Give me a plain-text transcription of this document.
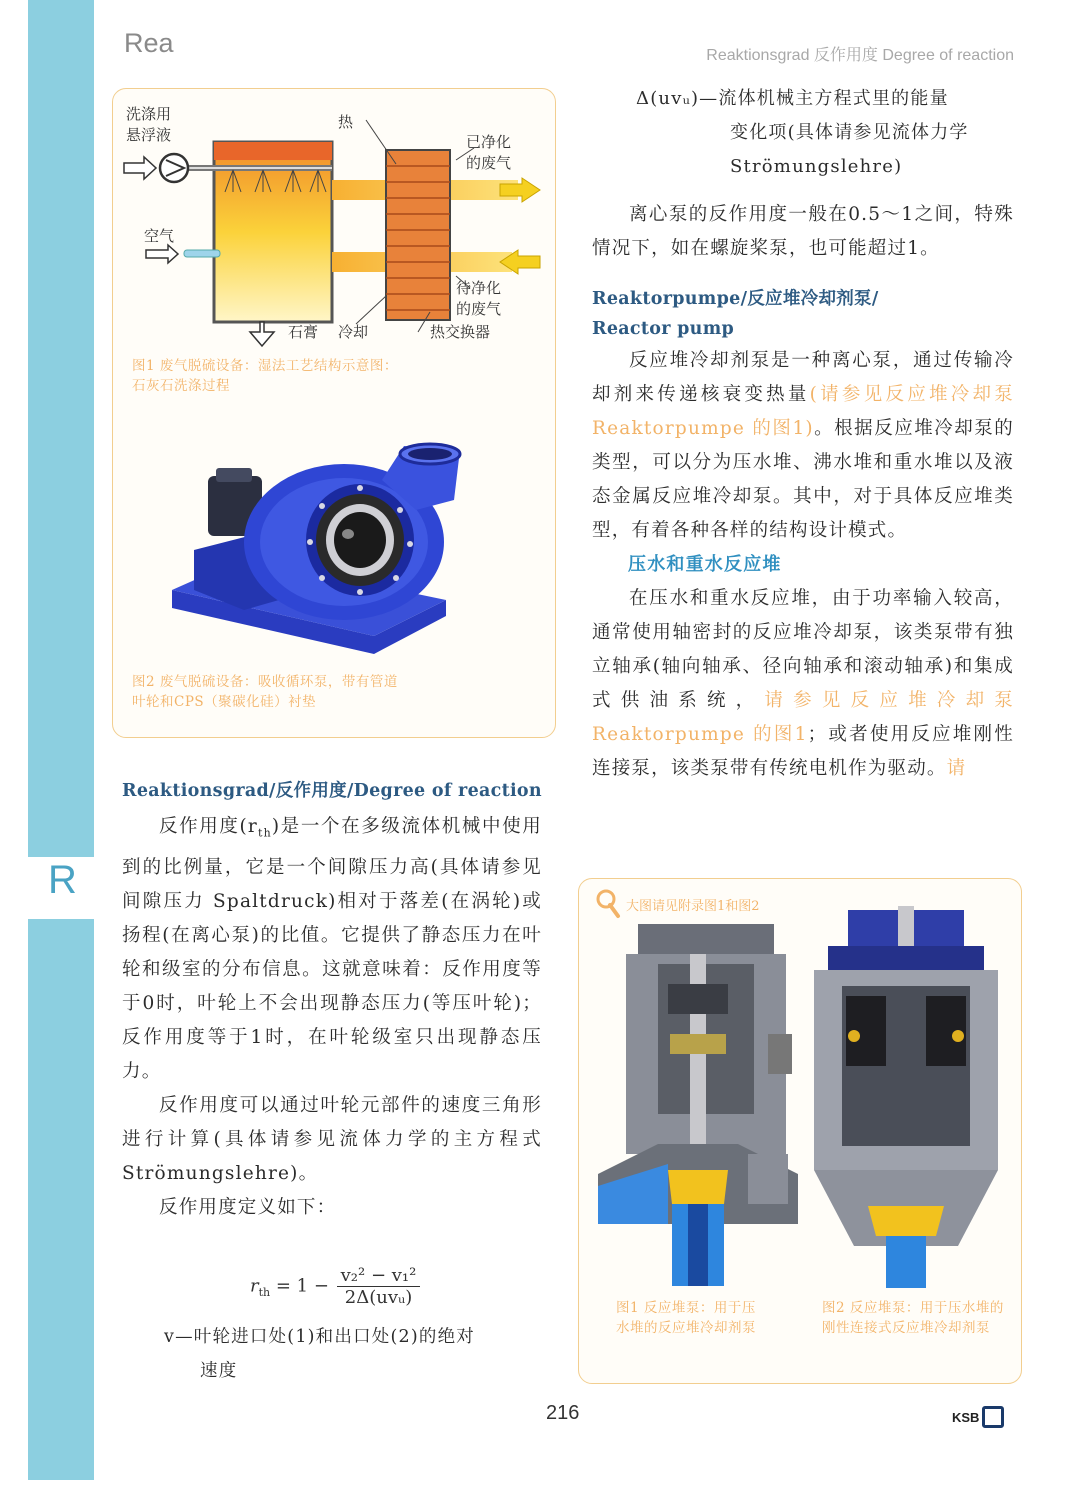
R
Rea	Reaktionsgrad 反作用度 Degree of reaction
洗涤用
悬浮液
热
已净化
的废气
空气
待净化
的废气
石膏 冷却	热交换器
图1 废气脱硫设备：湿法工艺结构示意图：
石灰石洗涤过程
图2 废气脱硫设备：吸收循环泵，带有管道
叶轮和CPS（聚碳化硅）衬垫

Reaktionsgrad/反作用度/Degree of reaction

反作用度$(r_{th})$是一个在多级流体机械中使用到的比例量，它是一个间隙压力高(具体请参见间隙压力 Spaltdruck)相对于落差(在涡轮)或扬程(在离心泵)的比值。它提供了静态压力在叶轮和级室的分布信息。这就意味着：反作用度等于0时，叶轮上不会出现静态压力(等压叶轮)；反作用度等于1时，在叶轮级室只出现静态压力。

反作用度可以通过叶轮元部件的速度三角形进行计算(具体请参见流体力学的主方程式 Strömungslehre)。

反作用度定义如下：

$r_{th} = 1 - \frac{\text{v₂² − v₁²}}{\text{2Δ(uvᵤ)}}$
v—叶轮进口处(1)和出口处(2)的绝对
速度
Δ(uvᵤ)—流体机械主方程式里的能量
变化项(具体请参见流体力学
Strömungslehre)

离心泵的反作用度一般在0.5～1之间，特殊情况下，如在螺旋桨泵，也可能超过1。

Reaktorpumpe/反应堆冷却剂泵/
Reactor pump

反应堆冷却剂泵是一种离心泵，通过传输冷却剂来传递核衰变热量(请参见反应堆冷却泵 Reaktorpumpe 的图1)。根据反应堆冷却泵的类型，可以分为压水堆、沸水堆和重水堆以及液态金属反应堆冷却泵。其中，对于具体反应堆类型，有着各种各样的结构设计模式。

压水和重水反应堆

在压水和重水反应堆，由于功率输入较高，通常使用轴密封的反应堆冷却泵，该类泵带有独立轴承(轴向轴承、径向轴承和滚动轴承)和集成式供油系统，请参见反应堆冷却泵 Reaktorpumpe 的图1；或者使用反应堆刚性连接泵，该类泵带有传统电机作为驱动。请

大图请见附录图1和图2
图1 反应堆泵：用于压水堆的反应堆冷却剂泵
图2 反应堆泵：用于压水堆的刚性连接式反应堆冷却剂泵
216	KSB
